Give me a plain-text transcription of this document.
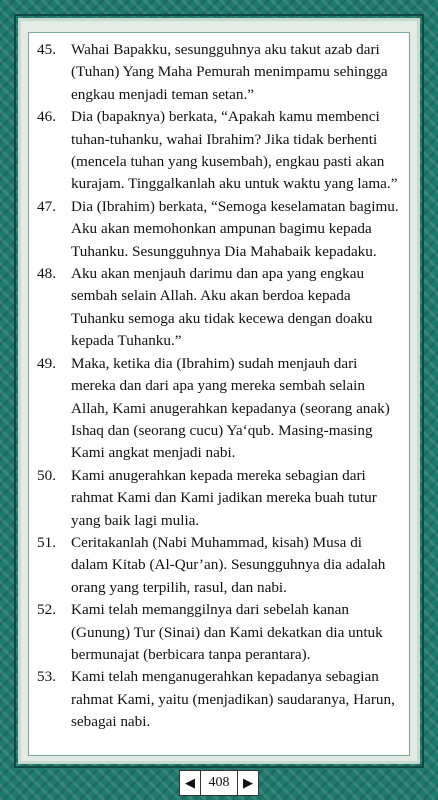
45. Wahai Bapakku, sesungguhnya aku takut azab dari (Tuhan) Yang Maha Pemurah menimpamu sehingga engkau menjadi teman setan.”
46. Dia (bapaknya) berkata, “Apakah kamu membenci tuhan-tuhanku, wahai Ibrahim? Jika tidak berhenti (mencela tuhan yang kusembah), engkau pasti akan kurajam. Tinggalkanlah aku untuk waktu yang lama.”
47. Dia (Ibrahim) berkata, “Semoga keselamatan bagimu. Aku akan memohonkan ampunan bagimu kepada Tuhanku. Sesungguhnya Dia Mahabaik kepadaku.
48. Aku akan menjauh darimu dan apa yang engkau sembah selain Allah. Aku akan berdoa kepada Tuhanku semoga aku tidak kecewa dengan doaku kepada Tuhanku.”
49. Maka, ketika dia (Ibrahim) sudah menjauh dari mereka dan dari apa yang mereka sembah selain Allah, Kami anugerahkan kepadanya (seorang anak) Ishaq dan (seorang cucu) Ya‘qub. Masing-masing Kami angkat menjadi nabi.
50. Kami anugerahkan kepada mereka sebagian dari rahmat Kami dan Kami jadikan mereka buah tutur yang baik lagi mulia.
51. Ceritakanlah (Nabi Muhammad, kisah) Musa di dalam Kitab (Al-Qur’an). Sesungguhnya dia adalah orang yang terpilih, rasul, dan nabi.
52. Kami telah memanggilnya dari sebelah kanan (Gunung) Tur (Sinai) dan Kami dekatkan dia untuk bermunajat (berbicara tanpa perantara).
53. Kami telah menganugerahkan kepadanya sebagian rahmat Kami, yaitu (menjadikan) saudaranya, Harun, sebagai nabi.
◀ 408	▶
